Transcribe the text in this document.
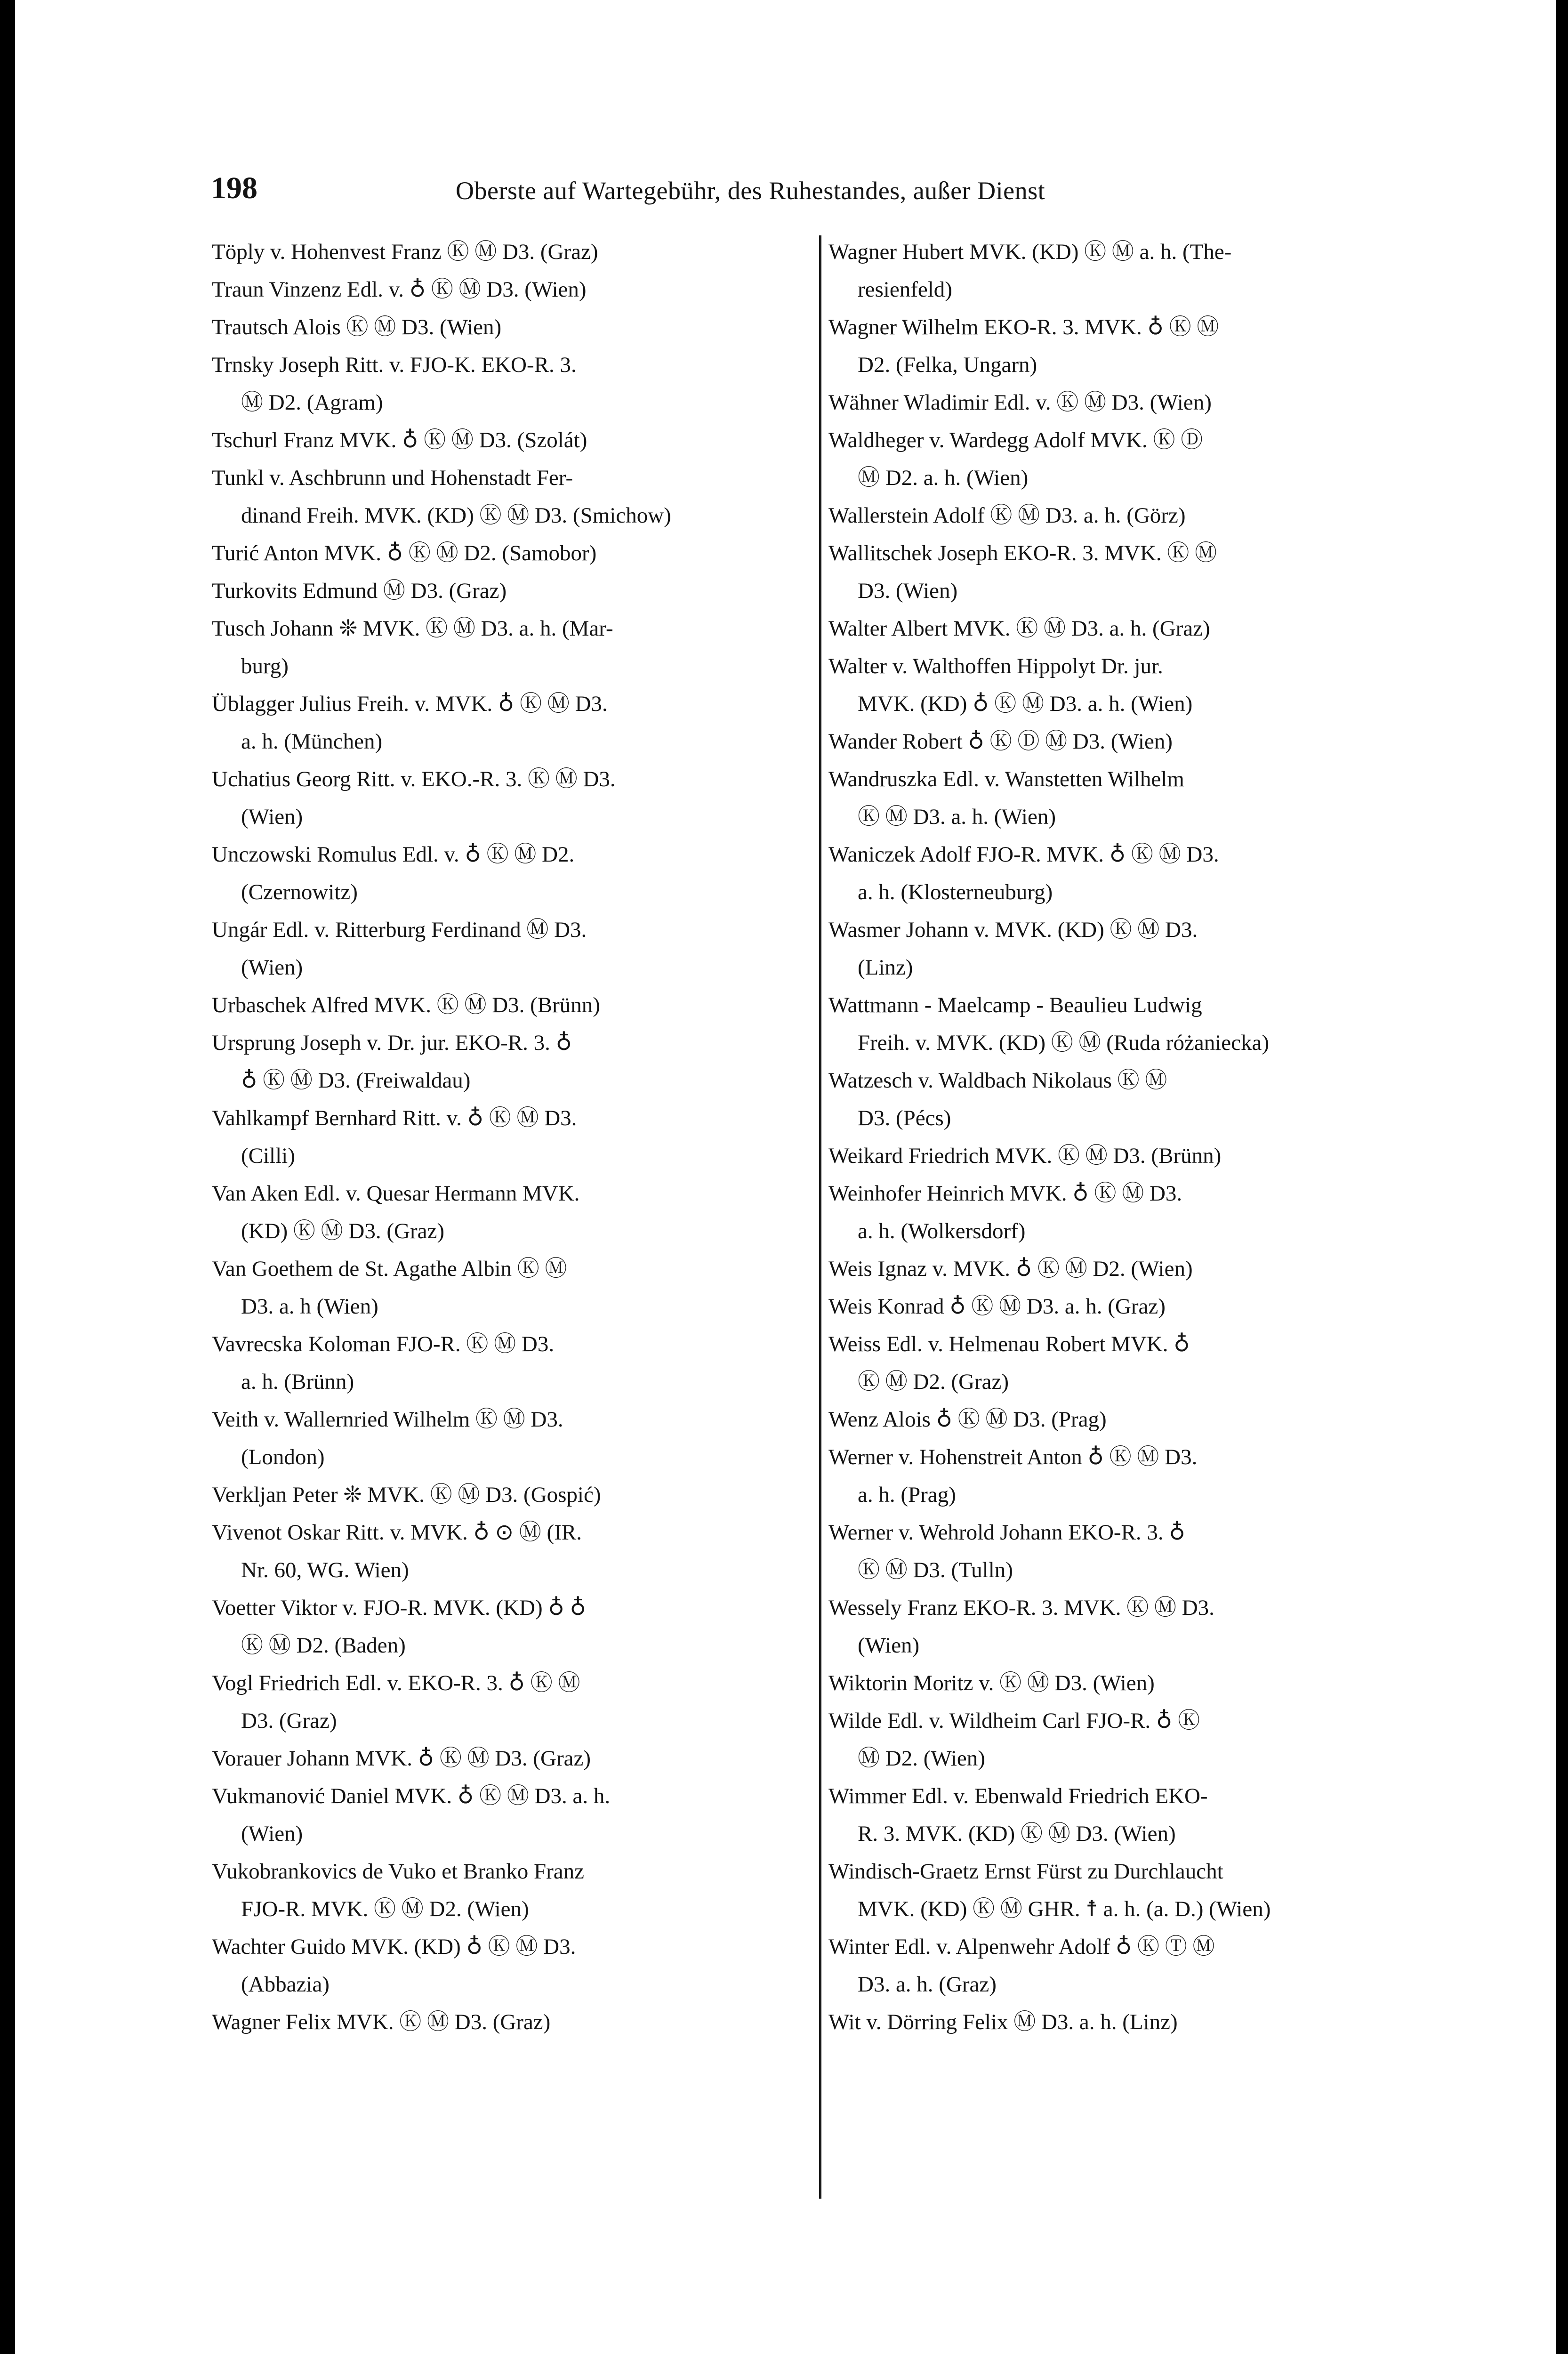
198	Oberste auf Wartegebühr, des Ruhestandes, außer Dienst

Töply v. Hohenvest Franz Ⓚ Ⓜ D3. (Graz)

Traun Vinzenz Edl. v. ♁ Ⓚ Ⓜ D3. (Wien)

Trautsch Alois Ⓚ Ⓜ D3. (Wien)

Trnsky Joseph Ritt. v. FJO-K. EKO-R. 3.
Ⓜ D2. (Agram)

Tschurl Franz MVK. ♁ Ⓚ Ⓜ D3. (Szolát)

Tunkl v. Aschbrunn und Hohenstadt Fer-
dinand Freih. MVK. (KD) Ⓚ Ⓜ D3. (Smichow)

Turić Anton MVK. ♁ Ⓚ Ⓜ D2. (Samobor)

Turkovits Edmund Ⓜ D3. (Graz)

Tusch Johann ❊ MVK. Ⓚ Ⓜ D3. a. h. (Mar-
burg)

Üblagger Julius Freih. v. MVK. ♁ Ⓚ Ⓜ D3.
a. h. (München)

Uchatius Georg Ritt. v. EKO.-R. 3. Ⓚ Ⓜ D3.
(Wien)

Unczowski Romulus Edl. v. ♁ Ⓚ Ⓜ D2.
(Czernowitz)

Ungár Edl. v. Ritterburg Ferdinand Ⓜ D3.
(Wien)

Urbaschek Alfred MVK. Ⓚ Ⓜ D3. (Brünn)

Ursprung Joseph v. Dr. jur. EKO-R. 3. ♁
♁ Ⓚ Ⓜ D3. (Freiwaldau)

Vahlkampf Bernhard Ritt. v. ♁ Ⓚ Ⓜ D3.
(Cilli)

Van Aken Edl. v. Quesar Hermann MVK.
(KD) Ⓚ Ⓜ D3. (Graz)

Van Goethem de St. Agathe Albin Ⓚ Ⓜ
D3. a. h (Wien)

Vavrecska Koloman FJO-R. Ⓚ Ⓜ D3.
a. h. (Brünn)

Veith v. Wallernried Wilhelm Ⓚ Ⓜ D3.
(London)

Verkljan Peter ❊ MVK. Ⓚ Ⓜ D3. (Gospić)

Vivenot Oskar Ritt. v. MVK. ♁ ⊙ Ⓜ (IR.
Nr. 60, WG. Wien)

Voetter Viktor v. FJO-R. MVK. (KD) ♁ ♁
Ⓚ Ⓜ D2. (Baden)

Vogl Friedrich Edl. v. EKO-R. 3. ♁ Ⓚ Ⓜ
D3. (Graz)

Vorauer Johann MVK. ♁ Ⓚ Ⓜ D3. (Graz)

Vukmanović Daniel MVK. ♁ Ⓚ Ⓜ D3. a. h.
(Wien)

Vukobrankovics de Vuko et Branko Franz
FJO-R. MVK. Ⓚ Ⓜ D2. (Wien)

Wachter Guido MVK. (KD) ♁ Ⓚ Ⓜ D3.
(Abbazia)

Wagner Felix MVK. Ⓚ Ⓜ D3. (Graz)

Wagner Hubert MVK. (KD) Ⓚ Ⓜ a. h. (The-
resienfeld)

Wagner Wilhelm EKO-R. 3. MVK. ♁ Ⓚ Ⓜ
D2. (Felka, Ungarn)

Wähner Wladimir Edl. v. Ⓚ Ⓜ D3. (Wien)

Waldheger v. Wardegg Adolf MVK. Ⓚ Ⓓ
Ⓜ D2. a. h. (Wien)

Wallerstein Adolf Ⓚ Ⓜ D3. a. h. (Görz)

Wallitschek Joseph EKO-R. 3. MVK. Ⓚ Ⓜ
D3. (Wien)

Walter Albert MVK. Ⓚ Ⓜ D3. a. h. (Graz)

Walter v. Walthoffen Hippolyt Dr. jur.
MVK. (KD) ♁ Ⓚ Ⓜ D3. a. h. (Wien)

Wander Robert ♁ Ⓚ Ⓓ Ⓜ D3. (Wien)

Wandruszka Edl. v. Wanstetten Wilhelm
Ⓚ Ⓜ D3. a. h. (Wien)

Waniczek Adolf FJO-R. MVK. ♁ Ⓚ Ⓜ D3.
a. h. (Klosterneuburg)

Wasmer Johann v. MVK. (KD) Ⓚ Ⓜ D3.
(Linz)

Wattmann - Maelcamp - Beaulieu Ludwig
Freih. v. MVK. (KD) Ⓚ Ⓜ (Ruda różaniecka)

Watzesch v. Waldbach Nikolaus Ⓚ Ⓜ
D3. (Pécs)

Weikard Friedrich MVK. Ⓚ Ⓜ D3. (Brünn)

Weinhofer Heinrich MVK. ♁ Ⓚ Ⓜ D3.
a. h. (Wolkersdorf)

Weis Ignaz v. MVK. ♁ Ⓚ Ⓜ D2. (Wien)

Weis Konrad ♁ Ⓚ Ⓜ D3. a. h. (Graz)

Weiss Edl. v. Helmenau Robert MVK. ♁
Ⓚ Ⓜ D2. (Graz)

Wenz Alois ♁ Ⓚ Ⓜ D3. (Prag)

Werner v. Hohenstreit Anton ♁ Ⓚ Ⓜ D3.
a. h. (Prag)

Werner v. Wehrold Johann EKO-R. 3. ♁
Ⓚ Ⓜ D3. (Tulln)

Wessely Franz EKO-R. 3. MVK. Ⓚ Ⓜ D3.
(Wien)

Wiktorin Moritz v. Ⓚ Ⓜ D3. (Wien)

Wilde Edl. v. Wildheim Carl FJO-R. ♁ Ⓚ
Ⓜ D2. (Wien)

Wimmer Edl. v. Ebenwald Friedrich EKO-
R. 3. MVK. (KD) Ⓚ Ⓜ D3. (Wien)

Windisch-Graetz Ernst Fürst zu Durchlaucht
MVK. (KD) Ⓚ Ⓜ GHR. ☨ a. h. (a. D.) (Wien)

Winter Edl. v. Alpenwehr Adolf ♁ Ⓚ Ⓣ Ⓜ
D3. a. h. (Graz)

Wit v. Dörring Felix Ⓜ D3. a. h. (Linz)
